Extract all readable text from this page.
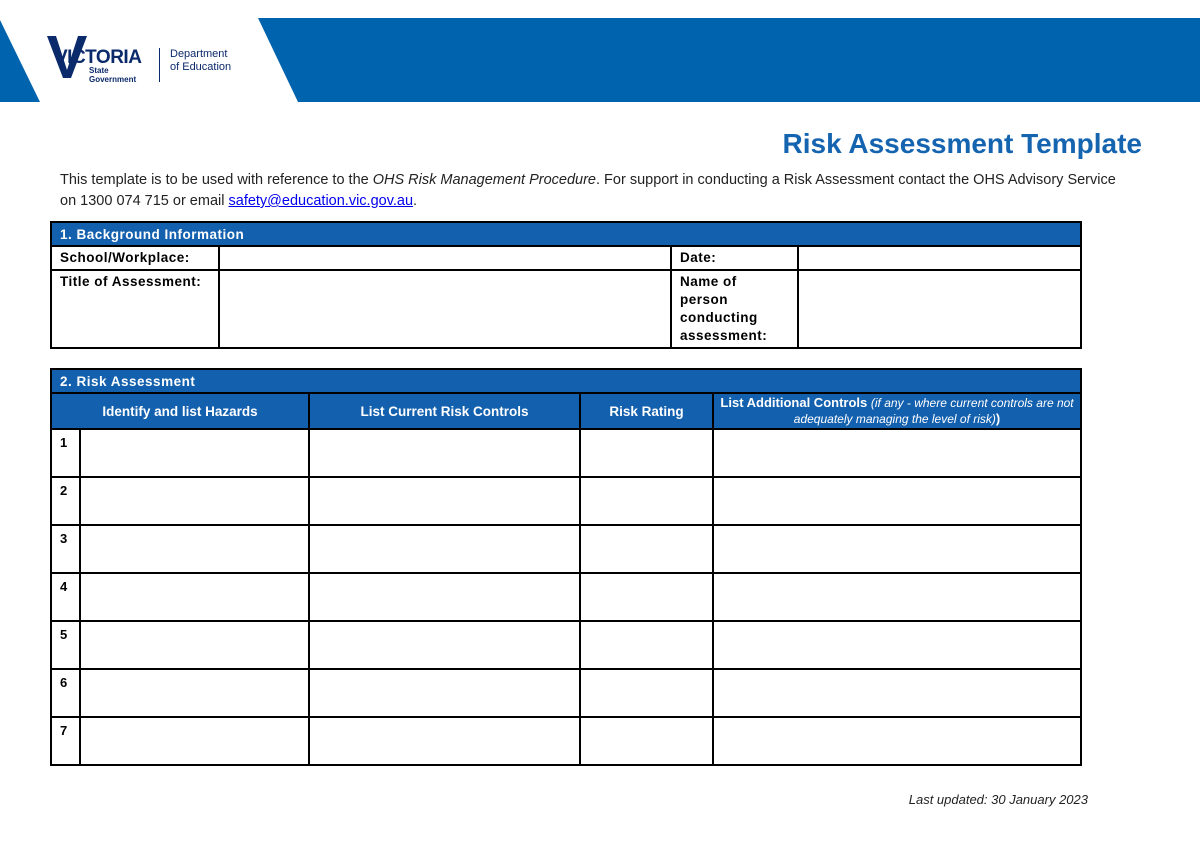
VICTORIA
State
Government
Department
of Education
Risk Assessment Template
This template is to be used with reference to the OHS Risk Management Procedure. For support in conducting a Risk Assessment contact the OHS Advisory Service on 1300 074 715 or email safety@education.vic.gov.au.
1. Background Information			
School/Workplace:		Date:	
Title of Assessment:		Name of person conducting assessment:	
2. Risk Assessment				
Identify and list Hazards		List Current Risk Controls	Risk Rating	List Additional Controls (if any - where current controls are not adequately managing the level of risk))
1				
2				
3				
4				
5				
6				
7				
Last updated: 30 January 2023
